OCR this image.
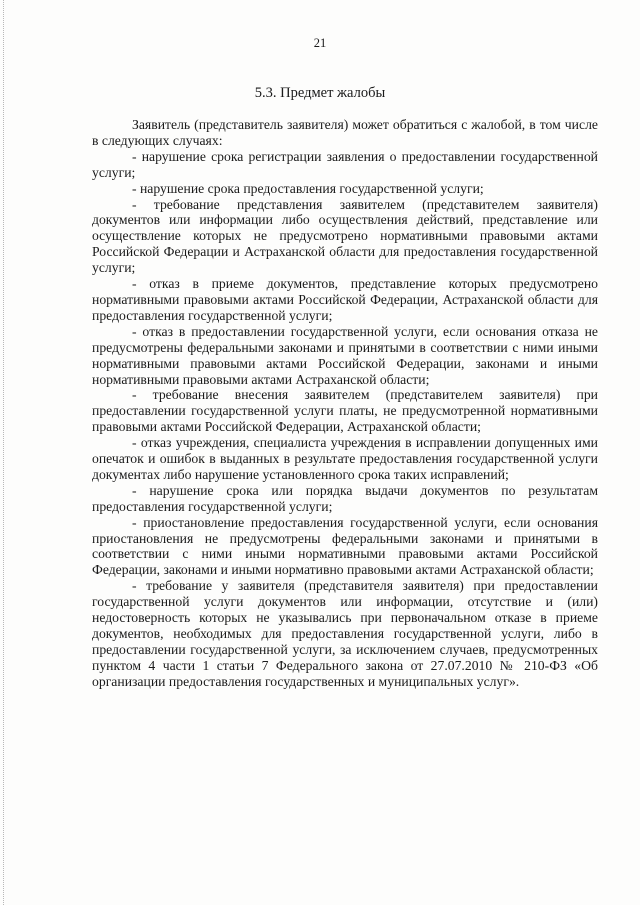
21
5.3. Предмет жалобы

Заявитель (представитель заявителя) может обратиться с жалобой, в том числе в следующих случаях:

- нарушение срока регистрации заявления о предоставлении государственной услуги;

- нарушение срока предоставления государственной услуги;

- требование представления заявителем (представителем заявителя) документов или информации либо осуществления действий, представление или осуществление которых не предусмотрено нормативными правовыми актами Российской Федерации и Астраханской области для предоставления государственной услуги;

- отказ в приеме документов, представление которых предусмотрено нормативными правовыми актами Российской Федерации, Астраханской области для предоставления государственной услуги;

- отказ в предоставлении государственной услуги, если основания отказа не предусмотрены федеральными законами и принятыми в соответствии с ними иными нормативными правовыми актами Российской Федерации, законами и иными нормативными правовыми актами Астраханской области;

- требование внесения заявителем (представителем заявителя) при предоставлении государственной услуги платы, не предусмотренной нормативными правовыми актами Российской Федерации, Астраханской области;

- отказ учреждения, специалиста учреждения в исправлении допущенных ими опечаток и ошибок в выданных в результате предоставления государственной услуги документах либо нарушение установленного срока таких исправлений;

- нарушение срока или порядка выдачи документов по результатам предоставления государственной услуги;

- приостановление предоставления государственной услуги, если основания приостановления не предусмотрены федеральными законами и принятыми в соответствии с ними иными нормативными правовыми актами Российской Федерации, законами и иными нормативно правовыми актами Астраханской области;

- требование у заявителя (представителя заявителя) при предоставлении государственной услуги документов или информации, отсутствие и (или) недостоверность которых не указывались при первоначальном отказе в приеме документов, необходимых для предоставления государственной услуги, либо в предоставлении государственной услуги, за исключением случаев, предусмотренных пунктом 4 части 1 статьи 7 Федерального закона от 27.07.2010 № 210-ФЗ «Об организации предоставления государственных и муниципальных услуг».
